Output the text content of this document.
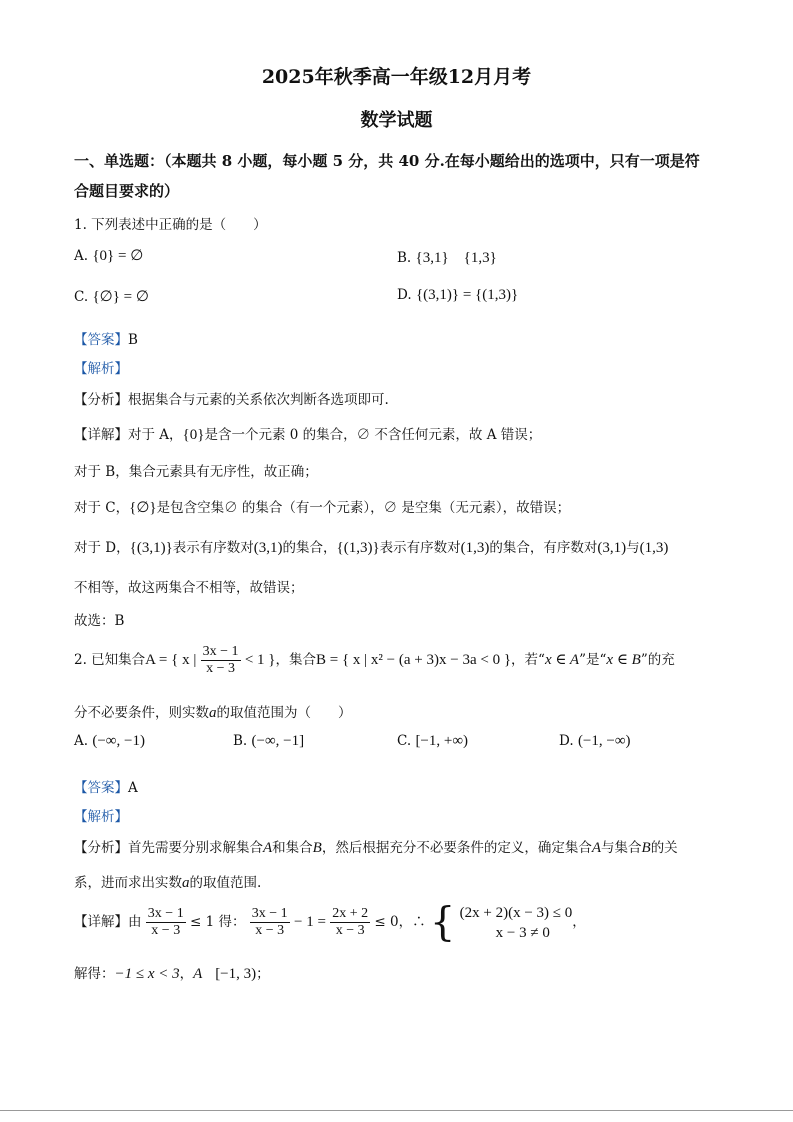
2025年秋季高一年级12月月考
数学试题
一、单选题：（本题共 8 小题，每小题 5 分，共 40 分.在每小题给出的选项中，只有一项是符
合题目要求的）
1. 下列表述中正确的是（　　）
A. {0} = ∅	B. {3,1}　{1,3}
C. {∅} = ∅	D. {(3,1)} = {(1,3)}
【答案】B
【解析】
【分析】根据集合与元素的关系依次判断各选项即可.
【详解】对于 A，{0}是含一个元素 0 的集合，∅ 不含任何元素，故 A 错误；
对于 B，集合元素具有无序性，故正确；
对于 C，{∅}是包含空集∅ 的集合（有一个元素），∅ 是空集（无元素），故错误；
对于 D，{(3,1)}表示有序数对(3,1)的集合，{(1,3)}表示有序数对(1,3)的集合，有序数对(3,1)与(1,3)
不相等，故这两集合不相等，故错误；
故选：B
2. 已知集合A = { x | $\frac{3x - 1}{x - 3} < 1$ }，集合B = { x | x² − (a + 3)x − 3a < 0 }，若“x ∈ A”是“x ∈ B”的充
分不必要条件，则实数a的取值范围为（　　）
A. (−∞, −1)	B. (−∞, −1]	C. [−1, +∞)	D. (−1, −∞)
【答案】A
【解析】
【分析】首先需要分别求解集合A和集合B，然后根据充分不必要条件的定义，确定集合A与集合B的关
系，进而求出实数a的取值范围.
【详解】由 $\frac{3x - 1}{x - 3} \le 1$ 得： $\frac{3x - 1}{x - 3} - 1 = \frac{2x + 2}{x - 3} \le 0$，∴ { (2x + 2)(x − 3) ≤ 0
x − 3 ≠ 0
，
解得：−1 ≤ x < 3，A [−1, 3)；
